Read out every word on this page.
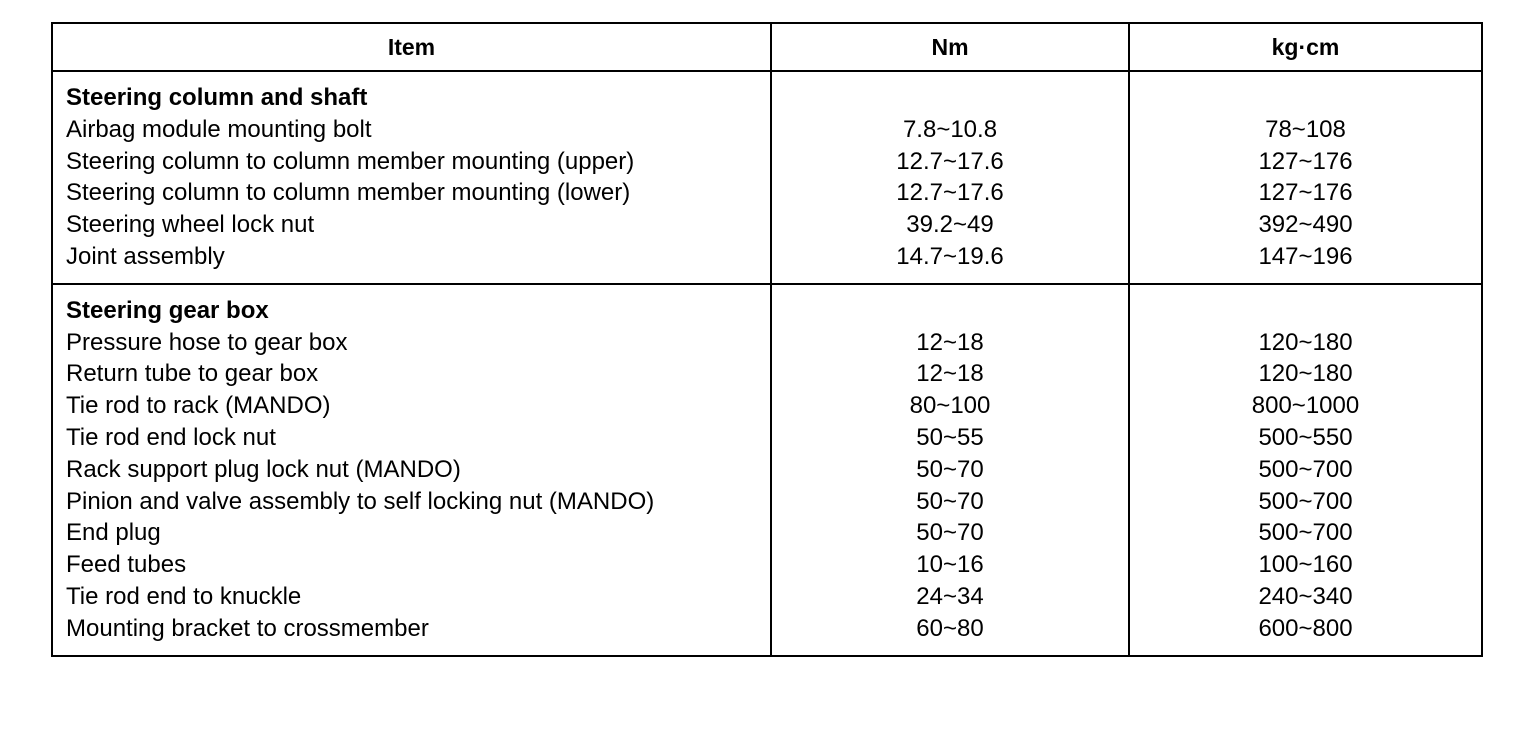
Item	Nm	kg·cm
Steering column and shaft
Airbag module mounting bolt
Steering column to column member mounting (upper)
Steering column to column member mounting (lower)
Steering wheel lock nut
Joint assembly
7.8~10.8
12.7~17.6
12.7~17.6
39.2~49
14.7~19.6
78~108
127~176
127~176
392~490
147~196
Steering gear box
Pressure hose to gear box
Return tube to gear box
Tie rod to rack (MANDO)
Tie rod end lock nut
Rack support plug lock nut (MANDO)
Pinion and valve assembly to self locking nut (MANDO)
End plug
Feed tubes
Tie rod end to knuckle
Mounting bracket to crossmember
12~18
12~18
80~100
50~55
50~70
50~70
50~70
10~16
24~34
60~80
120~180
120~180
800~1000
500~550
500~700
500~700
500~700
100~160
240~340
600~800
